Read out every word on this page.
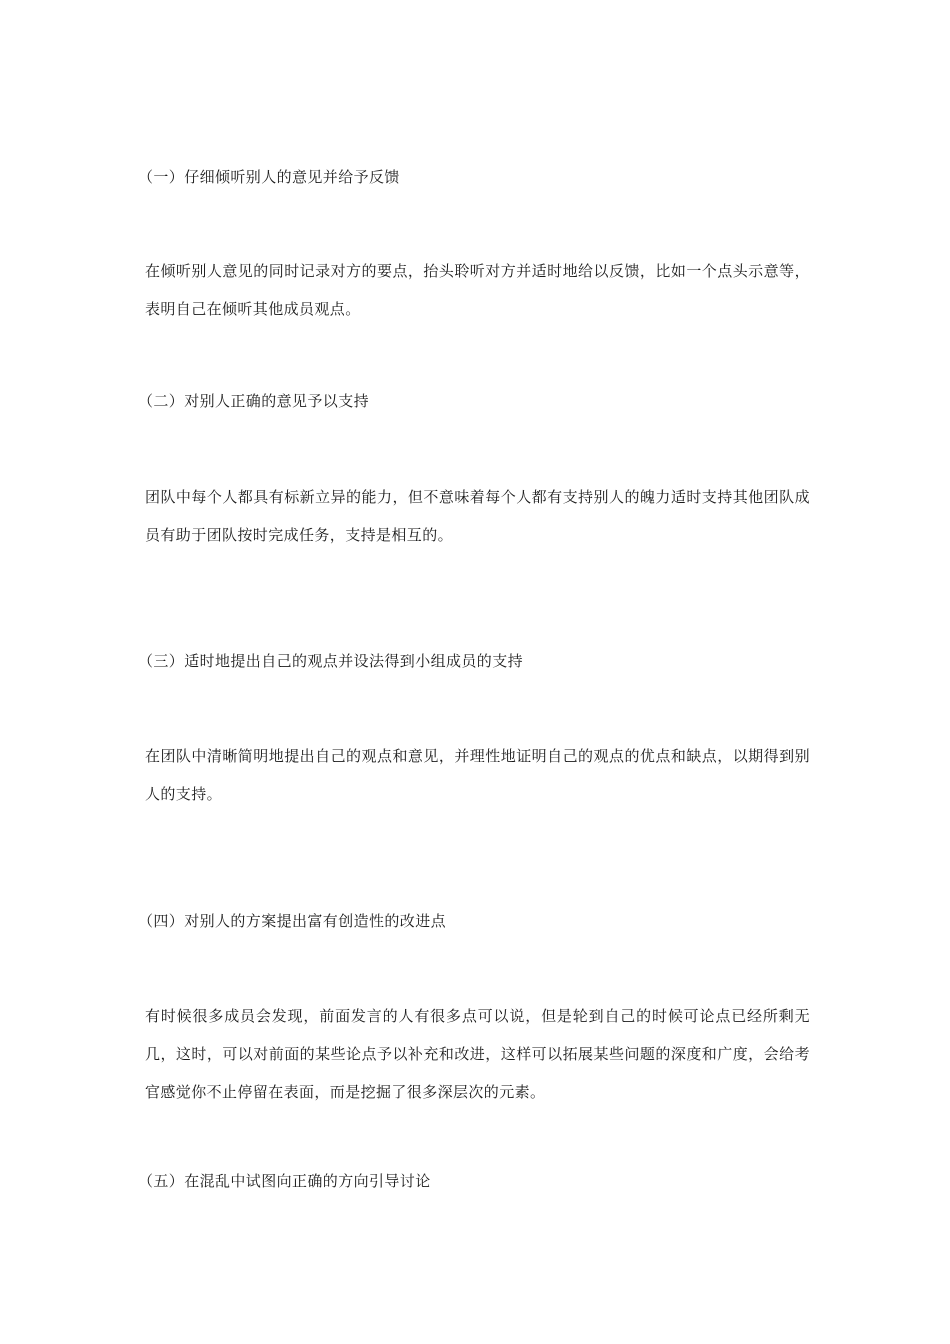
（一）仔细倾听别人的意见并给予反馈

在倾听别人意见的同时记录对方的要点，抬头聆听对方并适时地给以反馈，比如一个点头示意等，表明自己在倾听其他成员观点。

（二）对别人正确的意见予以支持

团队中每个人都具有标新立异的能力，但不意味着每个人都有支持别人的魄力适时支持其他团队成员有助于团队按时完成任务，支持是相互的。

（三）适时地提出自己的观点并设法得到小组成员的支持

在团队中清晰简明地提出自己的观点和意见，并理性地证明自己的观点的优点和缺点，以期得到别人的支持。

（四）对别人的方案提出富有创造性的改进点

有时候很多成员会发现，前面发言的人有很多点可以说，但是轮到自己的时候可论点已经所剩无几，这时，可以对前面的某些论点予以补充和改进，这样可以拓展某些问题的深度和广度，会给考官感觉你不止停留在表面，而是挖掘了很多深层次的元素。

（五）在混乱中试图向正确的方向引导讨论
